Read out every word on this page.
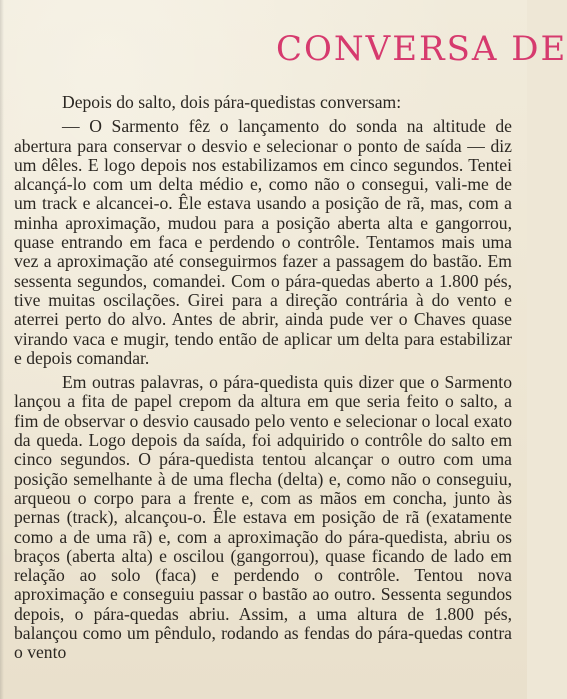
CONVERSA DE

Depois do salto, dois pára-quedistas conversam:

— O Sarmento fêz o lançamento do sonda na altitude de abertura para conservar o desvio e selecionar o ponto de saída — diz um dêles. E logo depois nos estabilizamos em cinco segundos. Tentei alcançá-lo com um delta médio e, como não o consegui, vali-me de um track e alcancei-o. Êle estava usando a posição de rã, mas, com a minha aproximação, mudou para a posição aberta alta e gangorrou, quase entrando em faca e perdendo o contrôle. Tentamos mais uma vez a aproximação até conseguirmos fazer a passagem do bastão. Em sessenta segundos, comandei. Com o pára-quedas aberto a 1.800 pés, tive muitas oscilações. Girei para a direção contrária à do vento e aterrei perto do alvo. Antes de abrir, ainda pude ver o Chaves quase virando vaca e mugir, tendo então de aplicar um delta para estabilizar e depois comandar.

Em outras palavras, o pára-quedista quis dizer que o Sarmento lançou a fita de papel crepom da altura em que seria feito o salto, a fim de observar o desvio causado pelo vento e selecionar o local exato da queda. Logo depois da saída, foi adquirido o contrôle do salto em cinco segundos. O pára-quedista tentou alcançar o outro com uma posição semelhante à de uma flecha (delta) e, como não o conseguiu, arqueou o corpo para a frente e, com as mãos em concha, junto às pernas (track), alcançou-o. Êle estava em posição de rã (exatamente como a de uma rã) e, com a aproximação do pára-quedista, abriu os braços (aberta alta) e oscilou (gangorrou), quase ficando de lado em relação ao solo (faca) e perdendo o contrôle. Tentou nova aproximação e conseguiu passar o bastão ao outro. Sessenta segundos depois, o pára-quedas abriu. Assim, a uma altura de 1.800 pés, balançou como um pêndulo, rodando as fendas do pára-quedas contra o vento
